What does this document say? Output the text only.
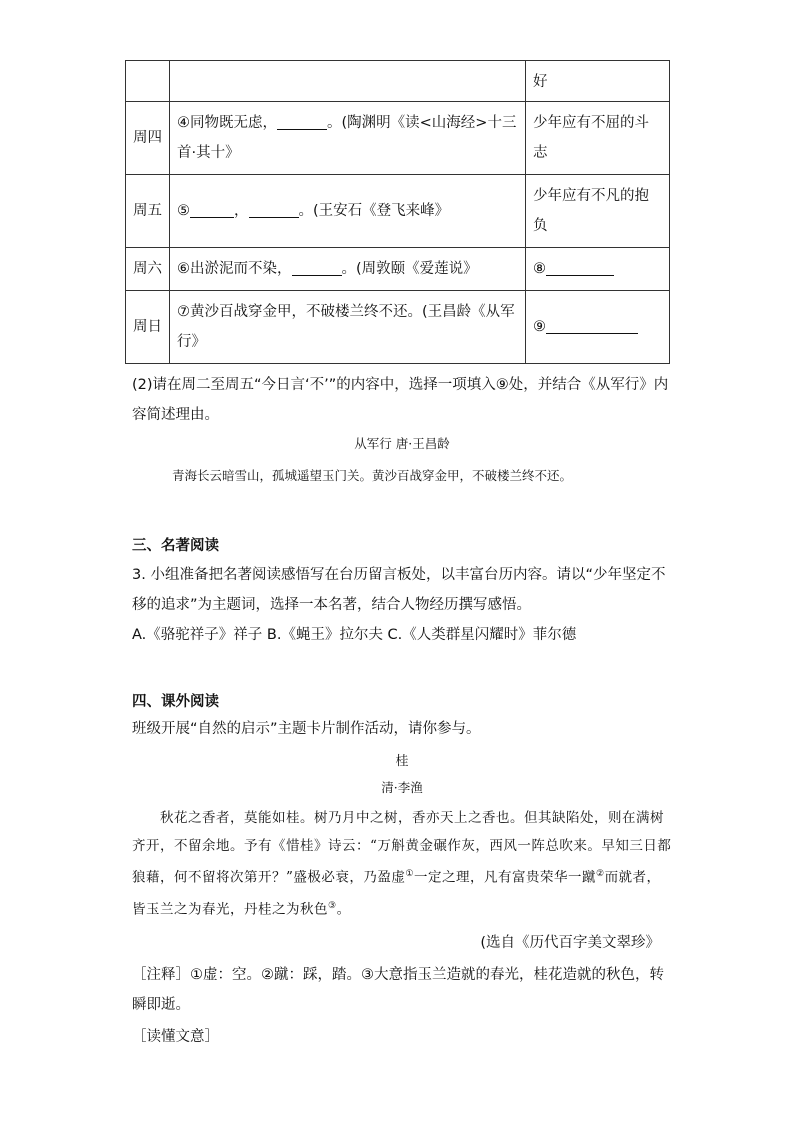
		好
周四	④同物既无虑， 。(陶渊明《读<山海经>十三首·其十》	少年应有不屈的斗志
周五	⑤ ， 。(王安石《登飞来峰》	少年应有不凡的抱负
周六	⑥出淤泥而不染， 。(周敦颐《爱莲说》	⑧
周日	⑦黄沙百战穿金甲，不破楼兰终不还。(王昌龄《从军行》	⑨
(2)请在周二至周五“今日言‘不’”的内容中，选择一项填入⑨处，并结合《从军行》内容简述理由。
从军行 唐·王昌龄
青海长云暗雪山，孤城遥望玉门关。黄沙百战穿金甲，不破楼兰终不还。
三、名著阅读
3. 小组准备把名著阅读感悟写在台历留言板处，以丰富台历内容。请以“少年坚定不移的追求”为主题词，选择一本名著，结合人物经历撰写感悟。
A.《骆驼祥子》祥子 B.《蝇王》拉尔夫 C.《人类群星闪耀时》菲尔德
四、课外阅读
班级开展“自然的启示”主题卡片制作活动，请你参与。
桂
清·李渔
秋花之香者，莫能如桂。树乃月中之树，香亦天上之香也。但其缺陷处，则在满树齐开，不留余地。予有《惜桂》诗云：“万斛黄金碾作灰，西风一阵总吹来。早知三日都狼藉，何不留将次第开？”盛极必衰，乃盈虚①一定之理，凡有富贵荣华一蹴②而就者，皆玉兰之为春光，丹桂之为秋色③。
(选自《历代百字美文翠珍》
［注释］①虚：空。②蹴：踩，踏。③大意指玉兰造就的春光，桂花造就的秋色，转瞬即逝。
［读懂文意］
